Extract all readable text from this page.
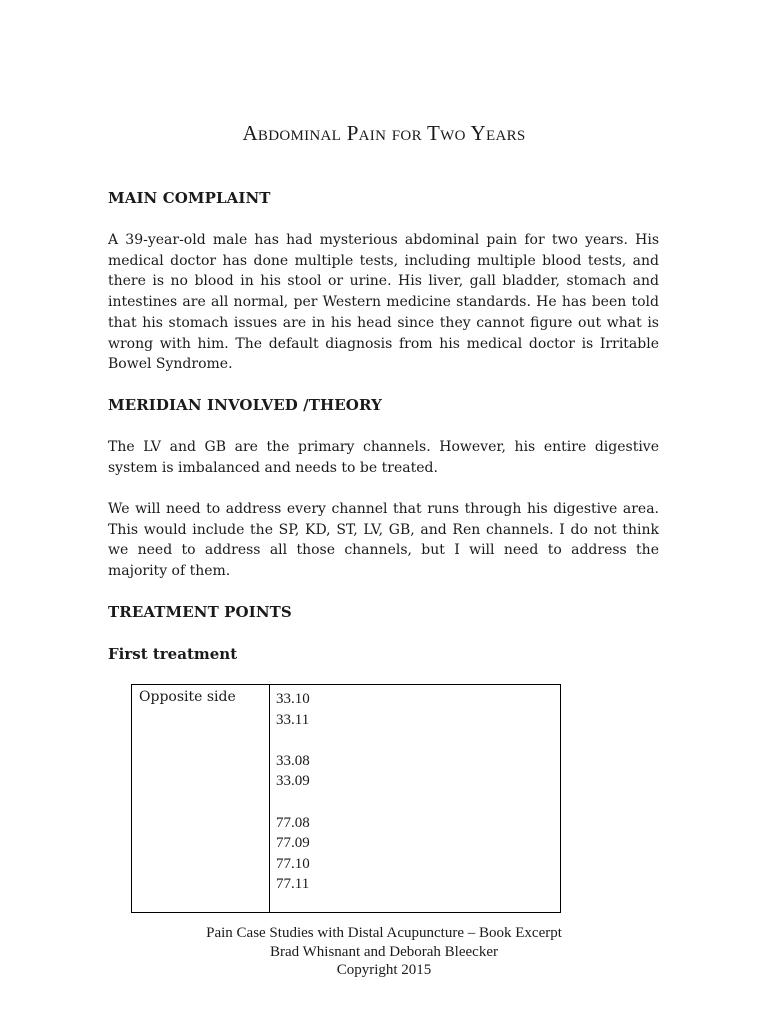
Abdominal Pain for Two Years
MAIN COMPLAINT
A 39-year-old male has had mysterious abdominal pain for two years. His medical doctor has done multiple tests, including multiple blood tests, and there is no blood in his stool or urine. His liver, gall bladder, stomach and intestines are all normal, per Western medicine standards. He has been told that his stomach issues are in his head since they cannot figure out what is wrong with him. The default diagnosis from his medical doctor is Irritable Bowel Syndrome.
MERIDIAN INVOLVED /THEORY
The LV and GB are the primary channels. However, his entire digestive system is imbalanced and needs to be treated.
We will need to address every channel that runs through his digestive area. This would include the SP, KD, ST, LV, GB, and Ren channels. I do not think we need to address all those channels, but I will need to address the majority of them.
TREATMENT POINTS
First treatment
Opposite side	33.10
33.11
33.08
33.09
77.08
77.09
77.10
77.11
Pain Case Studies with Distal Acupuncture – Book Excerpt
Brad Whisnant and Deborah Bleecker
Copyright 2015
